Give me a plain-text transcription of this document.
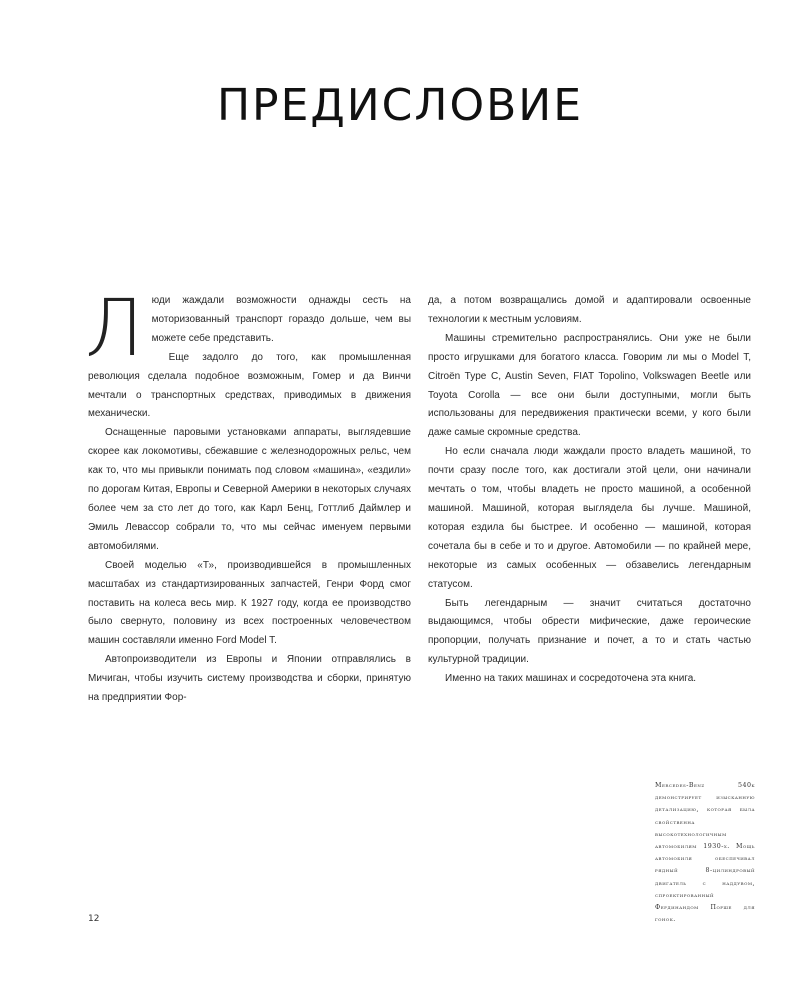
ПРЕДИСЛОВИЕ

Люди жаждали возможности однажды сесть на моторизованный транспорт гораздо дольше, чем вы можете себе представить.

Еще задолго до того, как промышленная революция сделала подобное возможным, Гомер и да Винчи мечтали о транспортных средствах, приводимых в движения механически.

Оснащенные паровыми установками аппараты, выглядевшие скорее как локомотивы, сбежавшие с железнодорожных рельс, чем как то, что мы привыкли понимать под словом «машина», «ездили» по дорогам Китая, Европы и Северной Америки в некоторых случаях более чем за сто лет до того, как Карл Бенц, Готтлиб Даймлер и Эмиль Левассор собрали то, что мы сейчас именуем первыми автомобилями.

Своей моделью «Т», производившейся в промышленных масштабах из стандартизированных запчастей, Генри Форд смог поставить на колеса весь мир. К 1927 году, когда ее производство было свернуто, половину из всех построенных человечеством машин составляли именно Ford Model T.

Автопроизводители из Европы и Японии отправлялись в Мичиган, чтобы изучить систему производства и сборки, принятую на предприятии Фор-

да, а потом возвращались домой и адаптировали освоенные технологии к местным условиям.

Машины стремительно распространялись. Они уже не были просто игрушками для богатого класса. Говорим ли мы о Model T, Citroën Type C, Austin Seven, FIAT Topolino, Volkswagen Beetle или Toyota Corolla — все они были доступными, могли быть использованы для передвижения практически всеми, у кого были даже самые скромные средства.

Но если сначала люди жаждали просто владеть машиной, то почти сразу после того, как достигали этой цели, они начинали мечтать о том, чтобы владеть не просто машиной, а особенной машиной. Машиной, которая выглядела бы лучше. Машиной, которая ездила бы быстрее. И особенно — машиной, которая сочетала бы в себе и то и другое. Автомобили — по крайней мере, некоторые из самых особенных — обзавелись легендарным статусом.

Быть легендарным — значит считаться достаточно выдающимся, чтобы обрести мифические, даже героические пропорции, получать признание и почет, а то и стать частью культурной традиции.

Именно на таких машинах и сосредоточена эта книга.

Mercedes-Benz 540k демонстрирует изысканную детализацию, которая была свойственна высокотехнологичным автомобилям 1930-х. Мощь автомобиля обеспечивал рядный 8-цилиндровый двигатель с наддувом, спроектированный Фердинандом Порше для гонок.

12
